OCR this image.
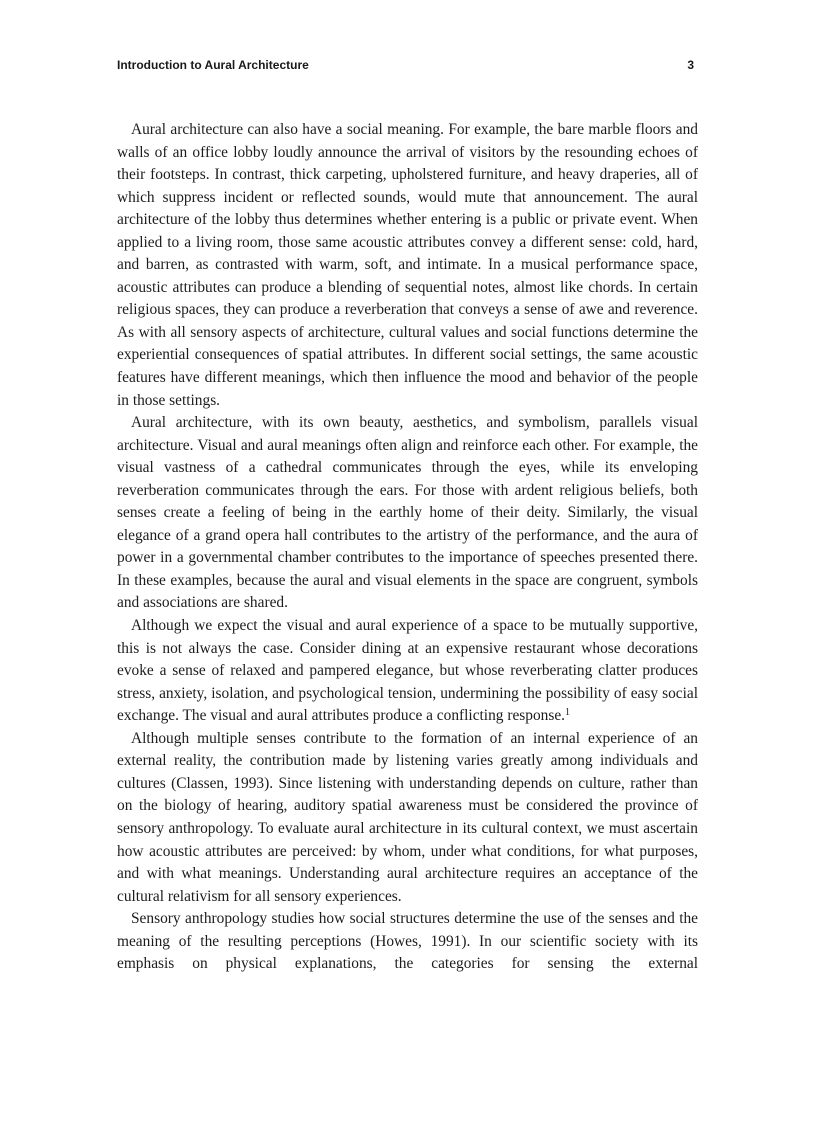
Introduction to Aural Architecture	3

Aural architecture can also have a social meaning. For example, the bare marble floors and walls of an office lobby loudly announce the arrival of visitors by the resounding echoes of their footsteps. In contrast, thick carpeting, upholstered furniture, and heavy draperies, all of which suppress incident or reflected sounds, would mute that announcement. The aural architecture of the lobby thus determines whether entering is a public or private event. When applied to a living room, those same acoustic attributes convey a different sense: cold, hard, and barren, as contrasted with warm, soft, and intimate. In a musical performance space, acoustic attributes can produce a blending of sequential notes, almost like chords. In certain religious spaces, they can produce a reverberation that conveys a sense of awe and reverence. As with all sensory aspects of architecture, cultural values and social functions determine the experiential consequences of spatial attributes. In different social settings, the same acoustic features have different meanings, which then influence the mood and behavior of the people in those settings.

Aural architecture, with its own beauty, aesthetics, and symbolism, parallels visual architecture. Visual and aural meanings often align and reinforce each other. For example, the visual vastness of a cathedral communicates through the eyes, while its enveloping reverberation communicates through the ears. For those with ardent religious beliefs, both senses create a feeling of being in the earthly home of their deity. Similarly, the visual elegance of a grand opera hall contributes to the artistry of the performance, and the aura of power in a governmental chamber contributes to the importance of speeches presented there. In these examples, because the aural and visual elements in the space are congruent, symbols and associations are shared.

Although we expect the visual and aural experience of a space to be mutually supportive, this is not always the case. Consider dining at an expensive restaurant whose decorations evoke a sense of relaxed and pampered elegance, but whose reverberating clatter produces stress, anxiety, isolation, and psychological tension, undermining the possibility of easy social exchange. The visual and aural attributes produce a conflicting response.$^1$

Although multiple senses contribute to the formation of an internal experience of an external reality, the contribution made by listening varies greatly among individuals and cultures (Classen, 1993). Since listening with understanding depends on culture, rather than on the biology of hearing, auditory spatial awareness must be considered the province of sensory anthropology. To evaluate aural architecture in its cultural context, we must ascertain how acoustic attributes are perceived: by whom, under what conditions, for what purposes, and with what meanings. Understanding aural architecture requires an acceptance of the cultural relativism for all sensory experiences.

Sensory anthropology studies how social structures determine the use of the senses and the meaning of the resulting perceptions (Howes, 1991). In our scientific society with its emphasis on physical explanations, the categories for sensing the external
